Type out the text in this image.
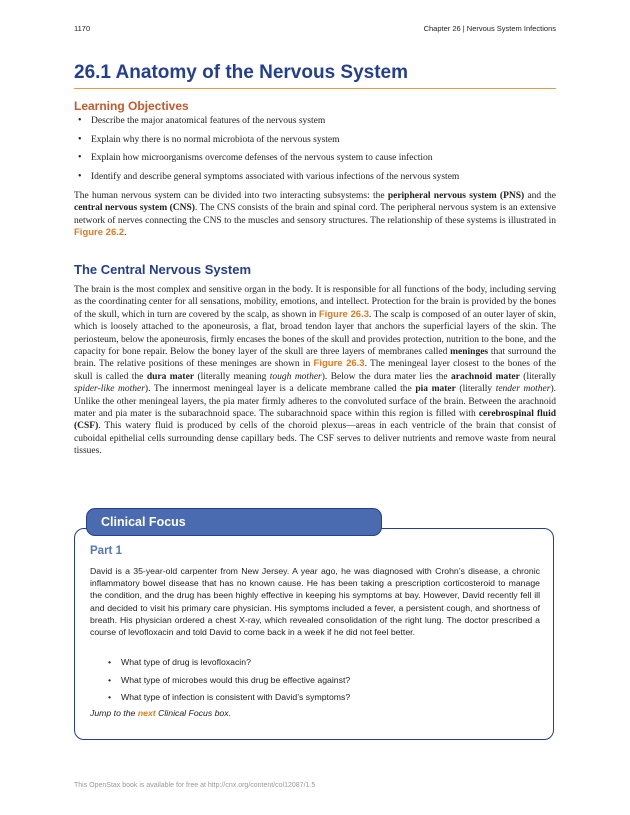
1170	Chapter 26 | Nervous System Infections
26.1 Anatomy of the Nervous System
Learning Objectives
• Describe the major anatomical features of the nervous system
• Explain why there is no normal microbiota of the nervous system
• Explain how microorganisms overcome defenses of the nervous system to cause infection
• Identify and describe general symptoms associated with various infections of the nervous system

The human nervous system can be divided into two interacting subsystems: the peripheral nervous system (PNS) and the central nervous system (CNS). The CNS consists of the brain and spinal cord. The peripheral nervous system is an extensive network of nerves connecting the CNS to the muscles and sensory structures. The relationship of these systems is illustrated in Figure 26.2.

The Central Nervous System

The brain is the most complex and sensitive organ in the body. It is responsible for all functions of the body, including serving as the coordinating center for all sensations, mobility, emotions, and intellect. Protection for the brain is provided by the bones of the skull, which in turn are covered by the scalp, as shown in Figure 26.3. The scalp is composed of an outer layer of skin, which is loosely attached to the aponeurosis, a flat, broad tendon layer that anchors the superficial layers of the skin. The periosteum, below the aponeurosis, firmly encases the bones of the skull and provides protection, nutrition to the bone, and the capacity for bone repair. Below the boney layer of the skull are three layers of membranes called meninges that surround the brain. The relative positions of these meninges are shown in Figure 26.3. The meningeal layer closest to the bones of the skull is called the dura mater (literally meaning tough mother). Below the dura mater lies the arachnoid mater (literally spider-like mother). The innermost meningeal layer is a delicate membrane called the pia mater (literally tender mother). Unlike the other meningeal layers, the pia mater firmly adheres to the convoluted surface of the brain. Between the arachnoid mater and pia mater is the subarachnoid space. The subarachnoid space within this region is filled with cerebrospinal fluid (CSF). This watery fluid is produced by cells of the choroid plexus—areas in each ventricle of the brain that consist of cuboidal epithelial cells surrounding dense capillary beds. The CSF serves to deliver nutrients and remove waste from neural tissues.

Clinical Focus
Part 1

David is a 35-year-old carpenter from New Jersey. A year ago, he was diagnosed with Crohn’s disease, a chronic inflammatory bowel disease that has no known cause. He has been taking a prescription corticosteroid to manage the condition, and the drug has been highly effective in keeping his symptoms at bay. However, David recently fell ill and decided to visit his primary care physician. His symptoms included a fever, a persistent cough, and shortness of breath. His physician ordered a chest X-ray, which revealed consolidation of the right lung. The doctor prescribed a course of levofloxacin and told David to come back in a week if he did not feel better.

• What type of drug is levofloxacin?
• What type of microbes would this drug be effective against?
• What type of infection is consistent with David’s symptoms?

Jump to the next Clinical Focus box.

This OpenStax book is available for free at http://cnx.org/content/col12087/1.5
